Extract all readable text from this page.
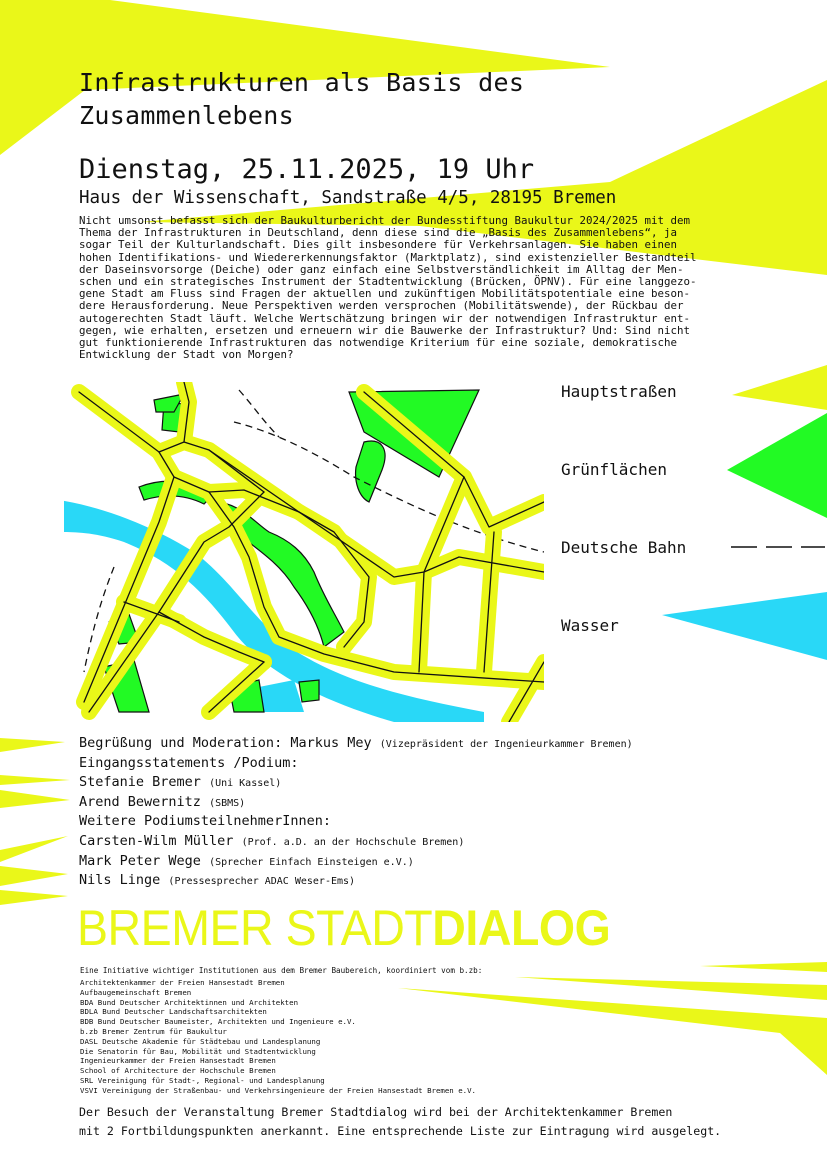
Infrastrukturen als Basis des
Zusammenlebens
Dienstag, 25.11.2025, 19 Uhr
Haus der Wissenschaft, Sandstraße 4/5, 28195 Bremen
Nicht umsonst befasst sich der Baukulturbericht der Bundesstiftung Baukultur 2024/2025 mit dem
Thema der Infrastrukturen in Deutschland, denn diese sind die „Basis des Zusammenlebens“, ja
sogar Teil der Kulturlandschaft. Dies gilt insbesondere für Verkehrsanlagen. Sie haben einen
hohen Identifikations- und Wiedererkennungsfaktor (Marktplatz), sind existenzieller Bestandteil
der Daseinsvorsorge (Deiche) oder ganz einfach eine Selbstverständlichkeit im Alltag der Men-
schen und ein strategisches Instrument der Stadtentwicklung (Brücken, ÖPNV). Für eine langgezo-
gene Stadt am Fluss sind Fragen der aktuellen und zukünftigen Mobilitätspotentiale eine beson-
dere Herausforderung. Neue Perspektiven werden versprochen (Mobilitätswende), der Rückbau der
autogerechten Stadt läuft. Welche Wertschätzung bringen wir der notwendigen Infrastruktur ent-
gegen, wie erhalten, ersetzen und erneuern wir die Bauwerke der Infrastruktur? Und: Sind nicht
gut funktionierende Infrastrukturen das notwendige Kriterium für eine soziale, demokratische
Entwicklung der Stadt von Morgen?
Hauptstraßen
Grünflächen
Deutsche Bahn
Wasser
Begrüßung und Moderation: Markus Mey (Vizepräsident der Ingenieurkammer Bremen)
Eingangsstatements /Podium:
Stefanie Bremer (Uni Kassel)
Arend Bewernitz (SBMS)
Weitere PodiumsteilnehmerInnen:
Carsten-Wilm Müller (Prof. a.D. an der Hochschule Bremen)
Mark Peter Wege (Sprecher Einfach Einsteigen e.V.)
Nils Linge (Pressesprecher ADAC Weser-Ems)
BREMER STADTDIALOG
Eine Initiative wichtiger Institutionen aus dem Bremer Baubereich, koordiniert vom b.zb:
Architektenkammer der Freien Hansestadt Bremen
Aufbaugemeinschaft Bremen
BDA Bund Deutscher Architektinnen und Architekten
BDLA Bund Deutscher Landschaftsarchitekten
BDB Bund Deutscher Baumeister, Architekten und Ingenieure e.V.
b.zb Bremer Zentrum für Baukultur
DASL Deutsche Akademie für Städtebau und Landesplanung
Die Senatorin für Bau, Mobilität und Stadtentwicklung
Ingenieurkammer der Freien Hansestadt Bremen
School of Architecture der Hochschule Bremen
SRL Vereinigung für Stadt-, Regional- und Landesplanung
VSVI Vereinigung der Straßenbau- und Verkehrsingenieure der Freien Hansestadt Bremen e.V.
Der Besuch der Veranstaltung Bremer Stadtdialog wird bei der Architektenkammer Bremen
mit 2 Fortbildungspunkten anerkannt. Eine entsprechende Liste zur Eintragung wird ausgelegt.
